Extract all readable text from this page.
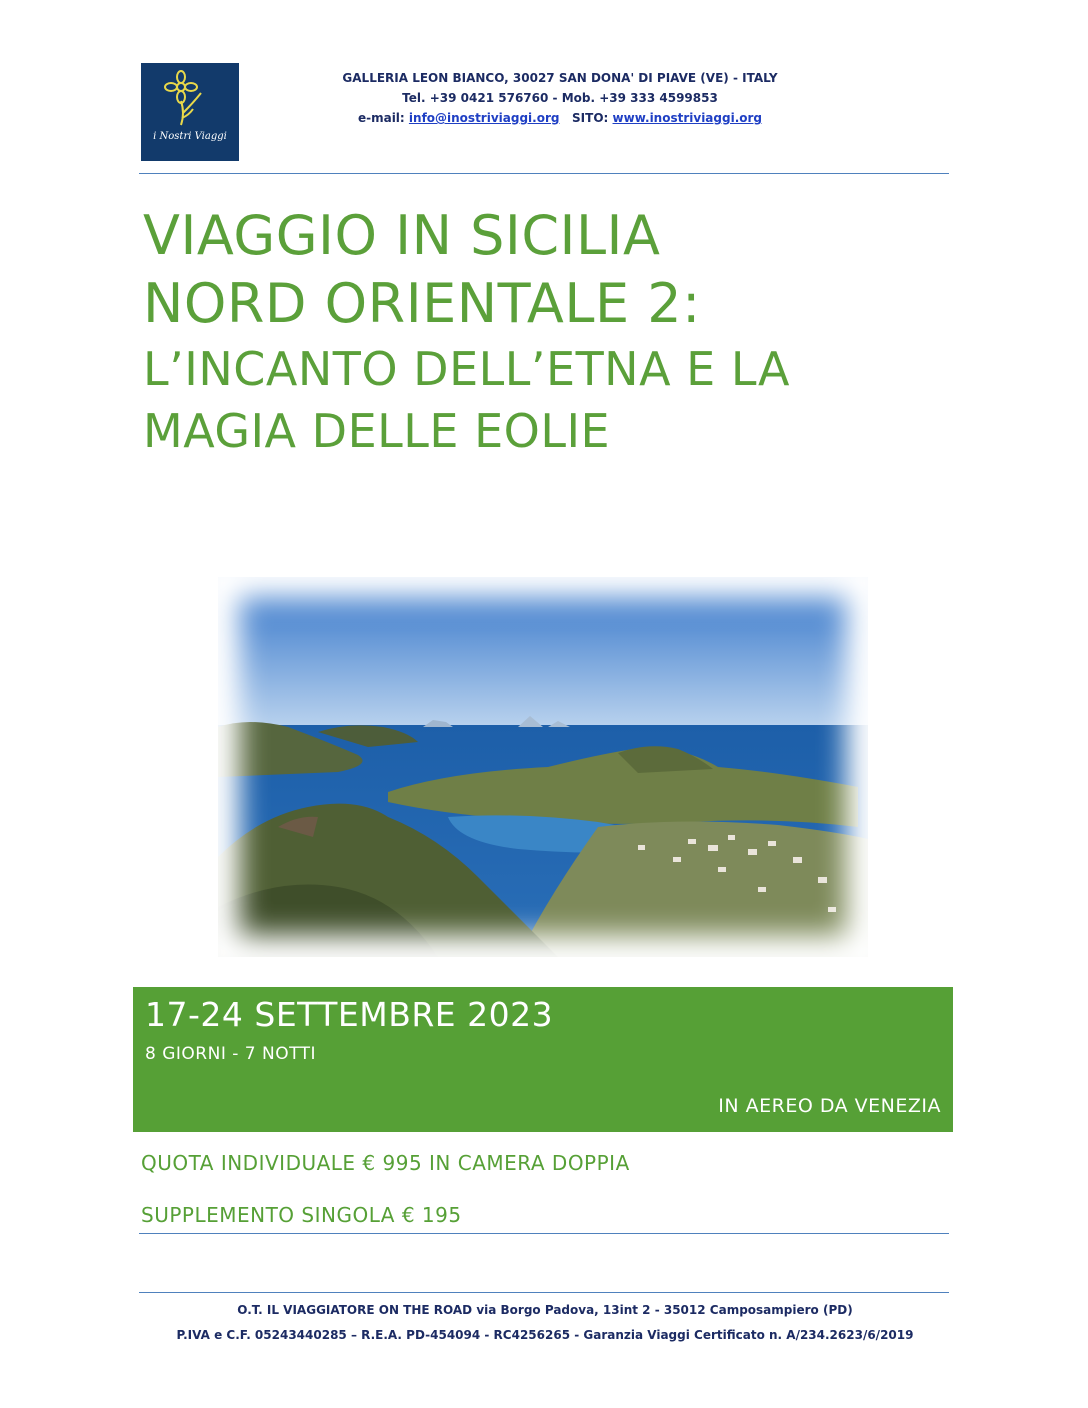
i Nostri Viaggi
GALLERIA LEON BIANCO, 30027 SAN DONA' DI PIAVE (VE) - ITALY
Tel. +39 0421 576760 - Mob. +39 333 4599853
e-mail: info@inostriviaggi.org SITO: www.inostriviaggi.org
VIAGGIO IN SICILIA
NORD ORIENTALE 2:
L’INCANTO DELL’ETNA E LA
MAGIA DELLE EOLIE
17-24 SETTEMBRE 2023
8 GIORNI - 7 NOTTI
IN AEREO DA VENEZIA
QUOTA INDIVIDUALE € 995 IN CAMERA DOPPIA
SUPPLEMENTO SINGOLA € 195
O.T. IL VIAGGIATORE ON THE ROAD via Borgo Padova, 13int 2 - 35012 Camposampiero (PD)
P.IVA e C.F. 05243440285 – R.E.A. PD-454094 - RC4256265 - Garanzia Viaggi Certificato n. A/234.2623/6/2019
